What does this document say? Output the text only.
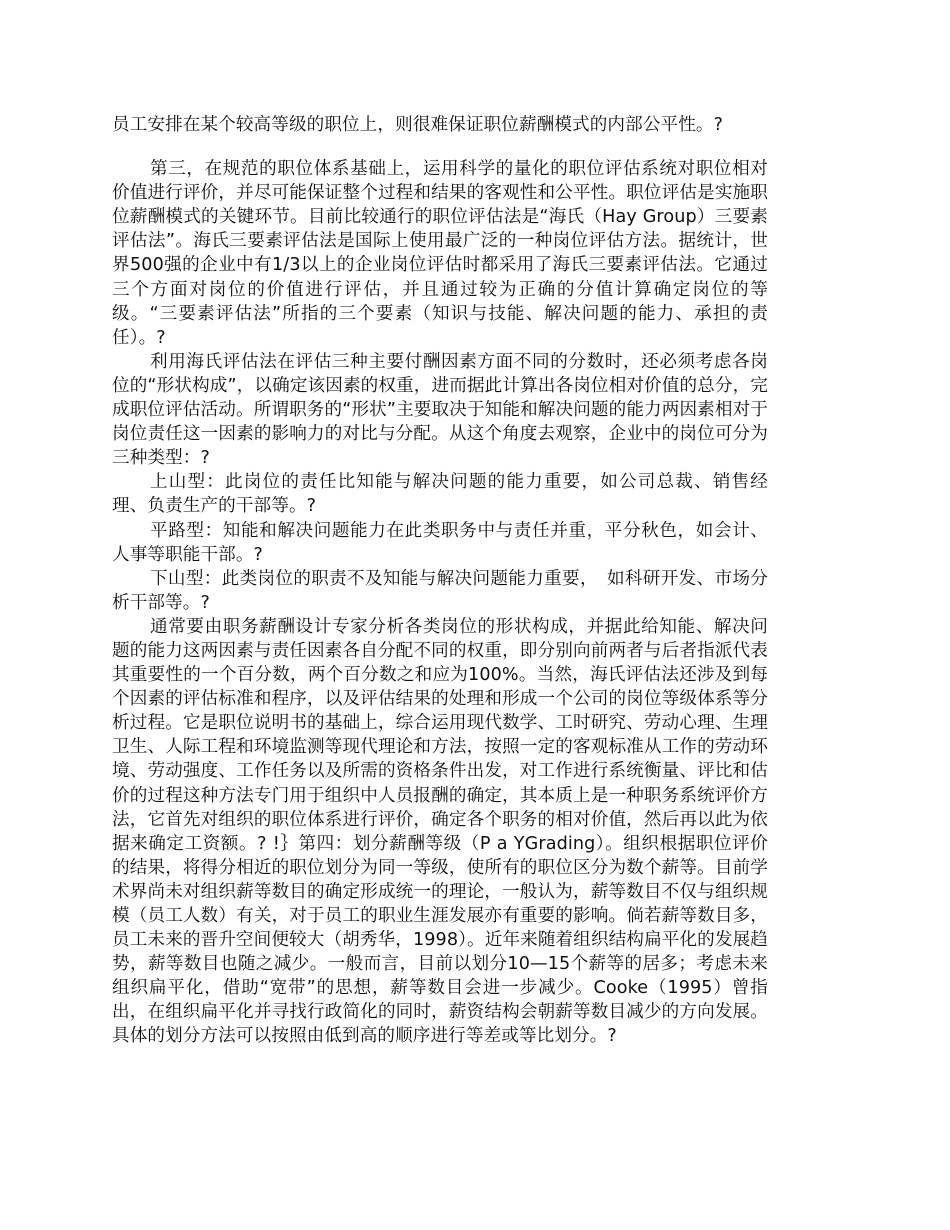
员工安排在某个较高等级的职位上，则很难保证职位薪酬模式的内部公平性。?

第三，在规范的职位体系基础上，运用科学的量化的职位评估系统对职位相对价值进行评价，并尽可能保证整个过程和结果的客观性和公平性。职位评估是实施职位薪酬模式的关键环节。目前比较通行的职位评估法是“海氏（Hay Group）三要素评估法”。海氏三要素评估法是国际上使用最广泛的一种岗位评估方法。据统计，世界500强的企业中有1/3以上的企业岗位评估时都采用了海氏三要素评估法。它通过三个方面对岗位的价值进行评估，并且通过较为正确的分值计算确定岗位的等级。“三要素评估法”所指的三个要素（知识与技能、解决问题的能力、承担的责任）。?

利用海氏评估法在评估三种主要付酬因素方面不同的分数时，还必须考虑各岗位的“形状构成”，以确定该因素的权重，进而据此计算出各岗位相对价值的总分，完成职位评估活动。所谓职务的“形状”主要取决于知能和解决问题的能力两因素相对于岗位责任这一因素的影响力的对比与分配。从这个角度去观察，企业中的岗位可分为三种类型：?

上山型：此岗位的责任比知能与解决问题的能力重要，如公司总裁、销售经理、负责生产的干部等。?

平路型：知能和解决问题能力在此类职务中与责任并重，平分秋色，如会计、人事等职能干部。?

下山型：此类岗位的职责不及知能与解决问题能力重要，　如科研开发、市场分析干部等。?

通常要由职务薪酬设计专家分析各类岗位的形状构成，并据此给知能、解决问题的能力这两因素与责任因素各自分配不同的权重，即分别向前两者与后者指派代表其重要性的一个百分数，两个百分数之和应为100%。当然，海氏评估法还涉及到每个因素的评估标准和程序，以及评估结果的处理和形成一个公司的岗位等级体系等分析过程。它是职位说明书的基础上，综合运用现代数学、工时研究、劳动心理、生理卫生、人际工程和环境监测等现代理论和方法，按照一定的客观标准从工作的劳动环境、劳动强度、工作任务以及所需的资格条件出发，对工作进行系统衡量、评比和估价的过程这种方法专门用于组织中人员报酬的确定，其本质上是一种职务系统评价方法，它首先对组织的职位体系进行评价，确定各个职务的相对价值，然后再以此为依据来确定工资额。? !｝第四：划分薪酬等级（P a YGrading）。组织根据职位评价的结果，将得分相近的职位划分为同一等级，使所有的职位区分为数个薪等。目前学术界尚未对组织薪等数目的确定形成统一的理论，一般认为，薪等数目不仅与组织规模（员工人数）有关，对于员工的职业生涯发展亦有重要的影响。倘若薪等数目多，员工未来的晋升空间便较大（胡秀华，1998）。近年来随着组织结构扁平化的发展趋势，薪等数目也随之减少。一般而言，目前以划分10—15个薪等的居多；考虑未来组织扁平化，借助“宽带”的思想，薪等数目会进一步减少。Cooke（1995）曾指出，在组织扁平化并寻找行政简化的同时，薪资结构会朝薪等数目减少的方向发展。具体的划分方法可以按照由低到高的顺序进行等差或等比划分。?
